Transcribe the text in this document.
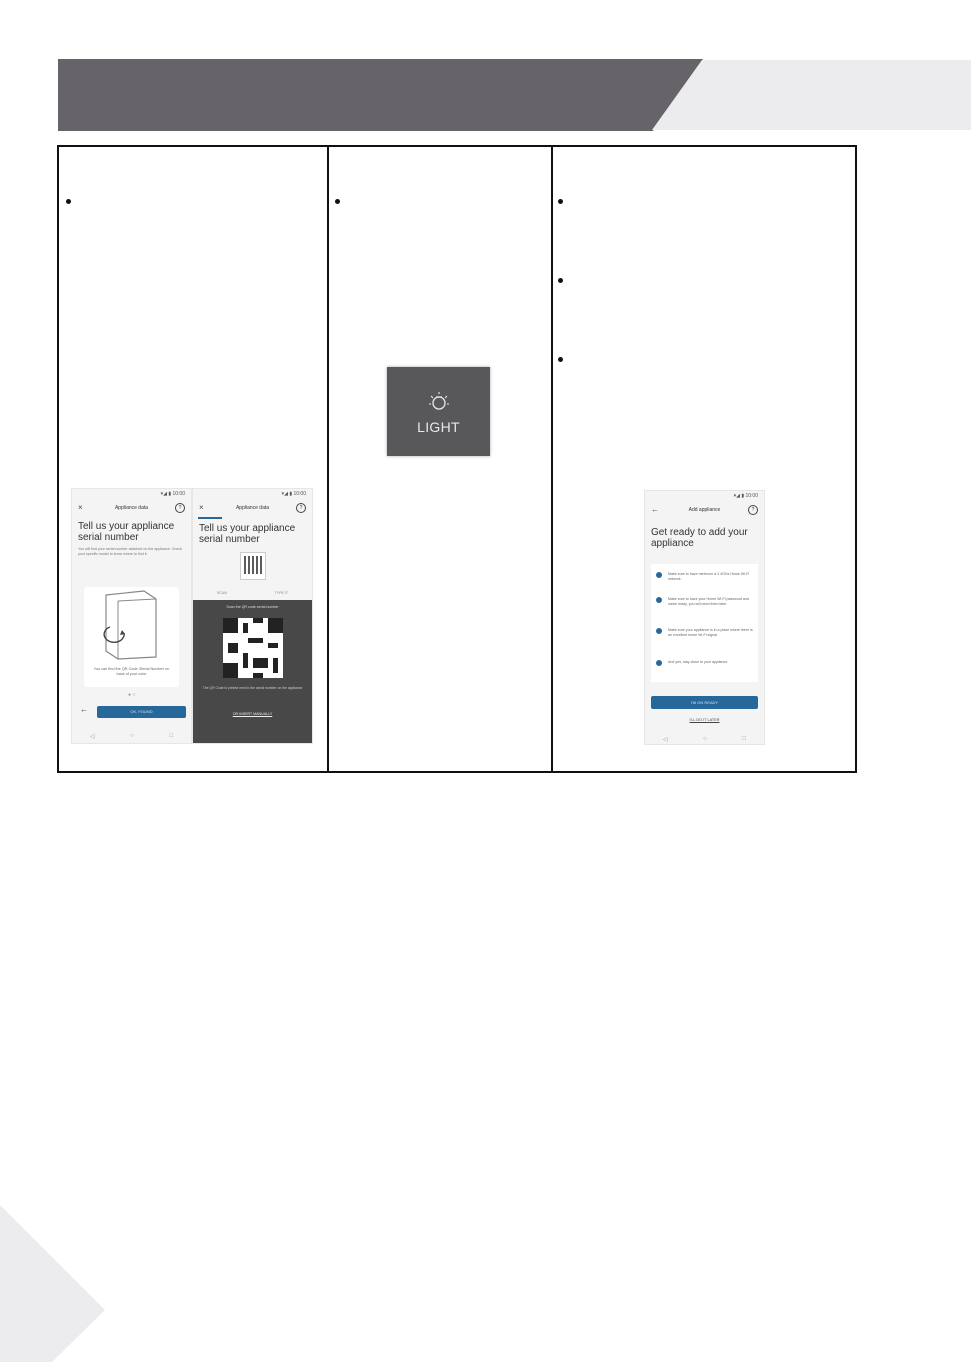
▾◢ ▮ 10:00
×	Appliance data	?
Tell us your appliance serial number
You will find your serial number attached on the appliance. Check your specific model to know where to find it.
You can find the QR Code /Serial Number on back of your color
● ○
←	OK, FOUND
◁	○	□
▾◢ ▮ 10:00
×	Appliance data	?
Tell us your appliance serial number
SCAN	TYPE IT
Scan the QR code serial number
The QR Code is printed next to the serial number on the appliance
OR INSERT MANUALLY
▾◢ ▮ 10:00
←	Add appliance	?
Get ready to add your appliance
Make sure to have minimum a 2.4GHz Home Wi-Fi network.
Make sure to have your Home Wi-Fi password and name ready, you will need them later.
Make sure your appliance is in a place where there is an excellent home Wi-Fi signal.
And yes, stay close to your appliance.
I'M ON READY
I'LL DO IT LATER
◁	○	□
LIGHT
